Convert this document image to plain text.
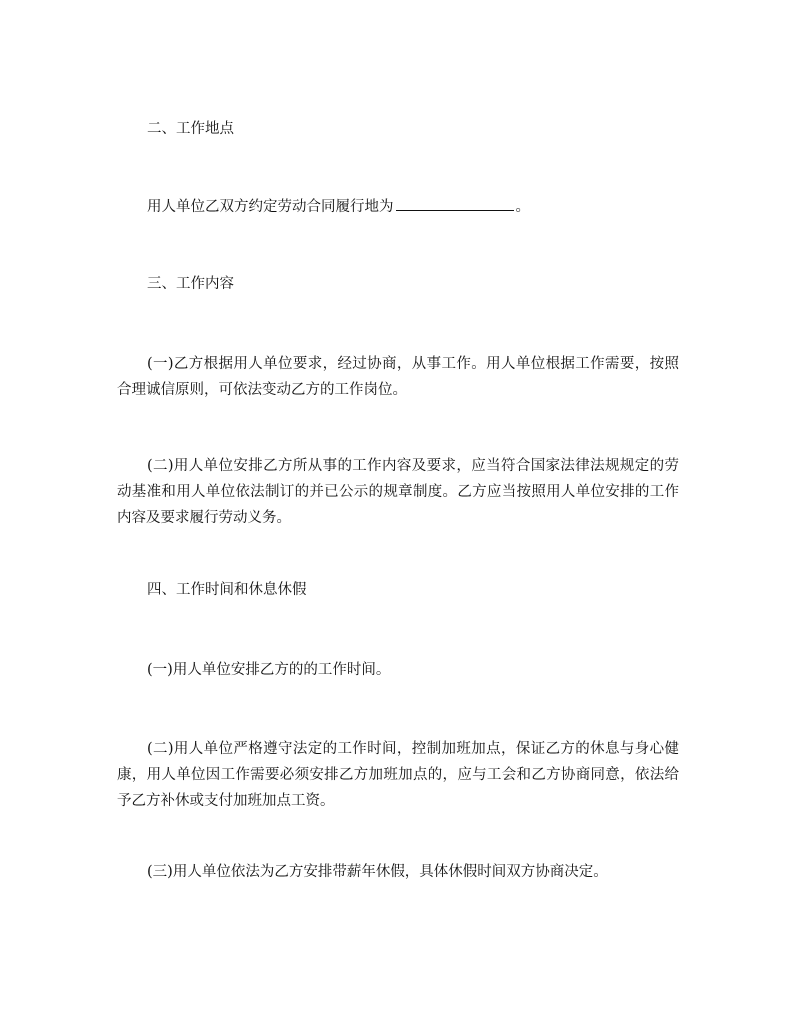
二、工作地点

用人单位乙双方约定劳动合同履行地为	。

三、工作内容

(一)乙方根据用人单位要求，经过协商，从事工作。用人单位根据工作需要，按照合理诚信原则，可依法变动乙方的工作岗位。

(二)用人单位安排乙方所从事的工作内容及要求，应当符合国家法律法规规定的劳动基准和用人单位依法制订的并已公示的规章制度。乙方应当按照用人单位安排的工作内容及要求履行劳动义务。

四、工作时间和休息休假

(一)用人单位安排乙方的的工作时间。

(二)用人单位严格遵守法定的工作时间，控制加班加点，保证乙方的休息与身心健康，用人单位因工作需要必须安排乙方加班加点的，应与工会和乙方协商同意，依法给予乙方补休或支付加班加点工资。

(三)用人单位依法为乙方安排带薪年休假，具体休假时间双方协商决定。
